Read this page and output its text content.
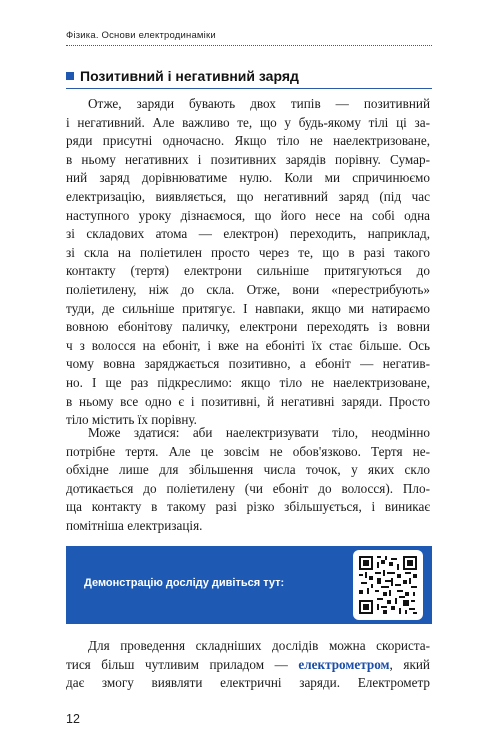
Фізика. Основи електродинаміки
Позитивний і негативний заряд

Отже, заряди бувають двох типів — позитивний

і негативний. Але важливо те, що у будь-якому тілі ці за-

ряди присутні одночасно. Якщо тіло не наелектризоване,

в ньому негативних і позитивних зарядів порівну. Сумар-

ний заряд дорівнюватиме нулю. Коли ми спричинюємо

електризацію, виявляється, що негативний заряд (під час

наступного уроку дізнаємося, що його несе на собі одна

зі складових атома — електрон) переходить, наприклад,

зі скла на поліетилен просто через те, що в разі такого

контакту (тертя) електрони сильніше притягуються до

поліетилену, ніж до скла. Отже, вони «перестрибують»

туди, де сильніше притягує. І навпаки, якщо ми натираємо

вовною ебонітову паличку, електрони переходять із вовни

ч з волосся на ебоніт, і вже на ебоніті їх стає більше. Ось

чому вовна заряджається позитивно, а ебоніт — негатив-

но. І ще раз підкреслимо: якщо тіло не наелектризоване,

в ньому все одно є і позитивні, й негативні заряди. Просто

тіло містить їх порівну.

Може здатися: аби наелектризувати тіло, неодмінно

потрібне тертя. Але це зовсім не обов'язково. Тертя не-

обхідне лише для збільшення числа точок, у яких скло

дотикається до поліетилену (чи ебоніт до волосся). Пло-

ща контакту в такому разі різко збільшується, і виникає

помітніша електризація.

Демонстрацію досліду дивіться тут:

Для проведення складніших дослідів можна скориста-

тися більш чутливим приладом — електрометром, який

дає змогу виявляти електричні заряди. Електрометр

12
